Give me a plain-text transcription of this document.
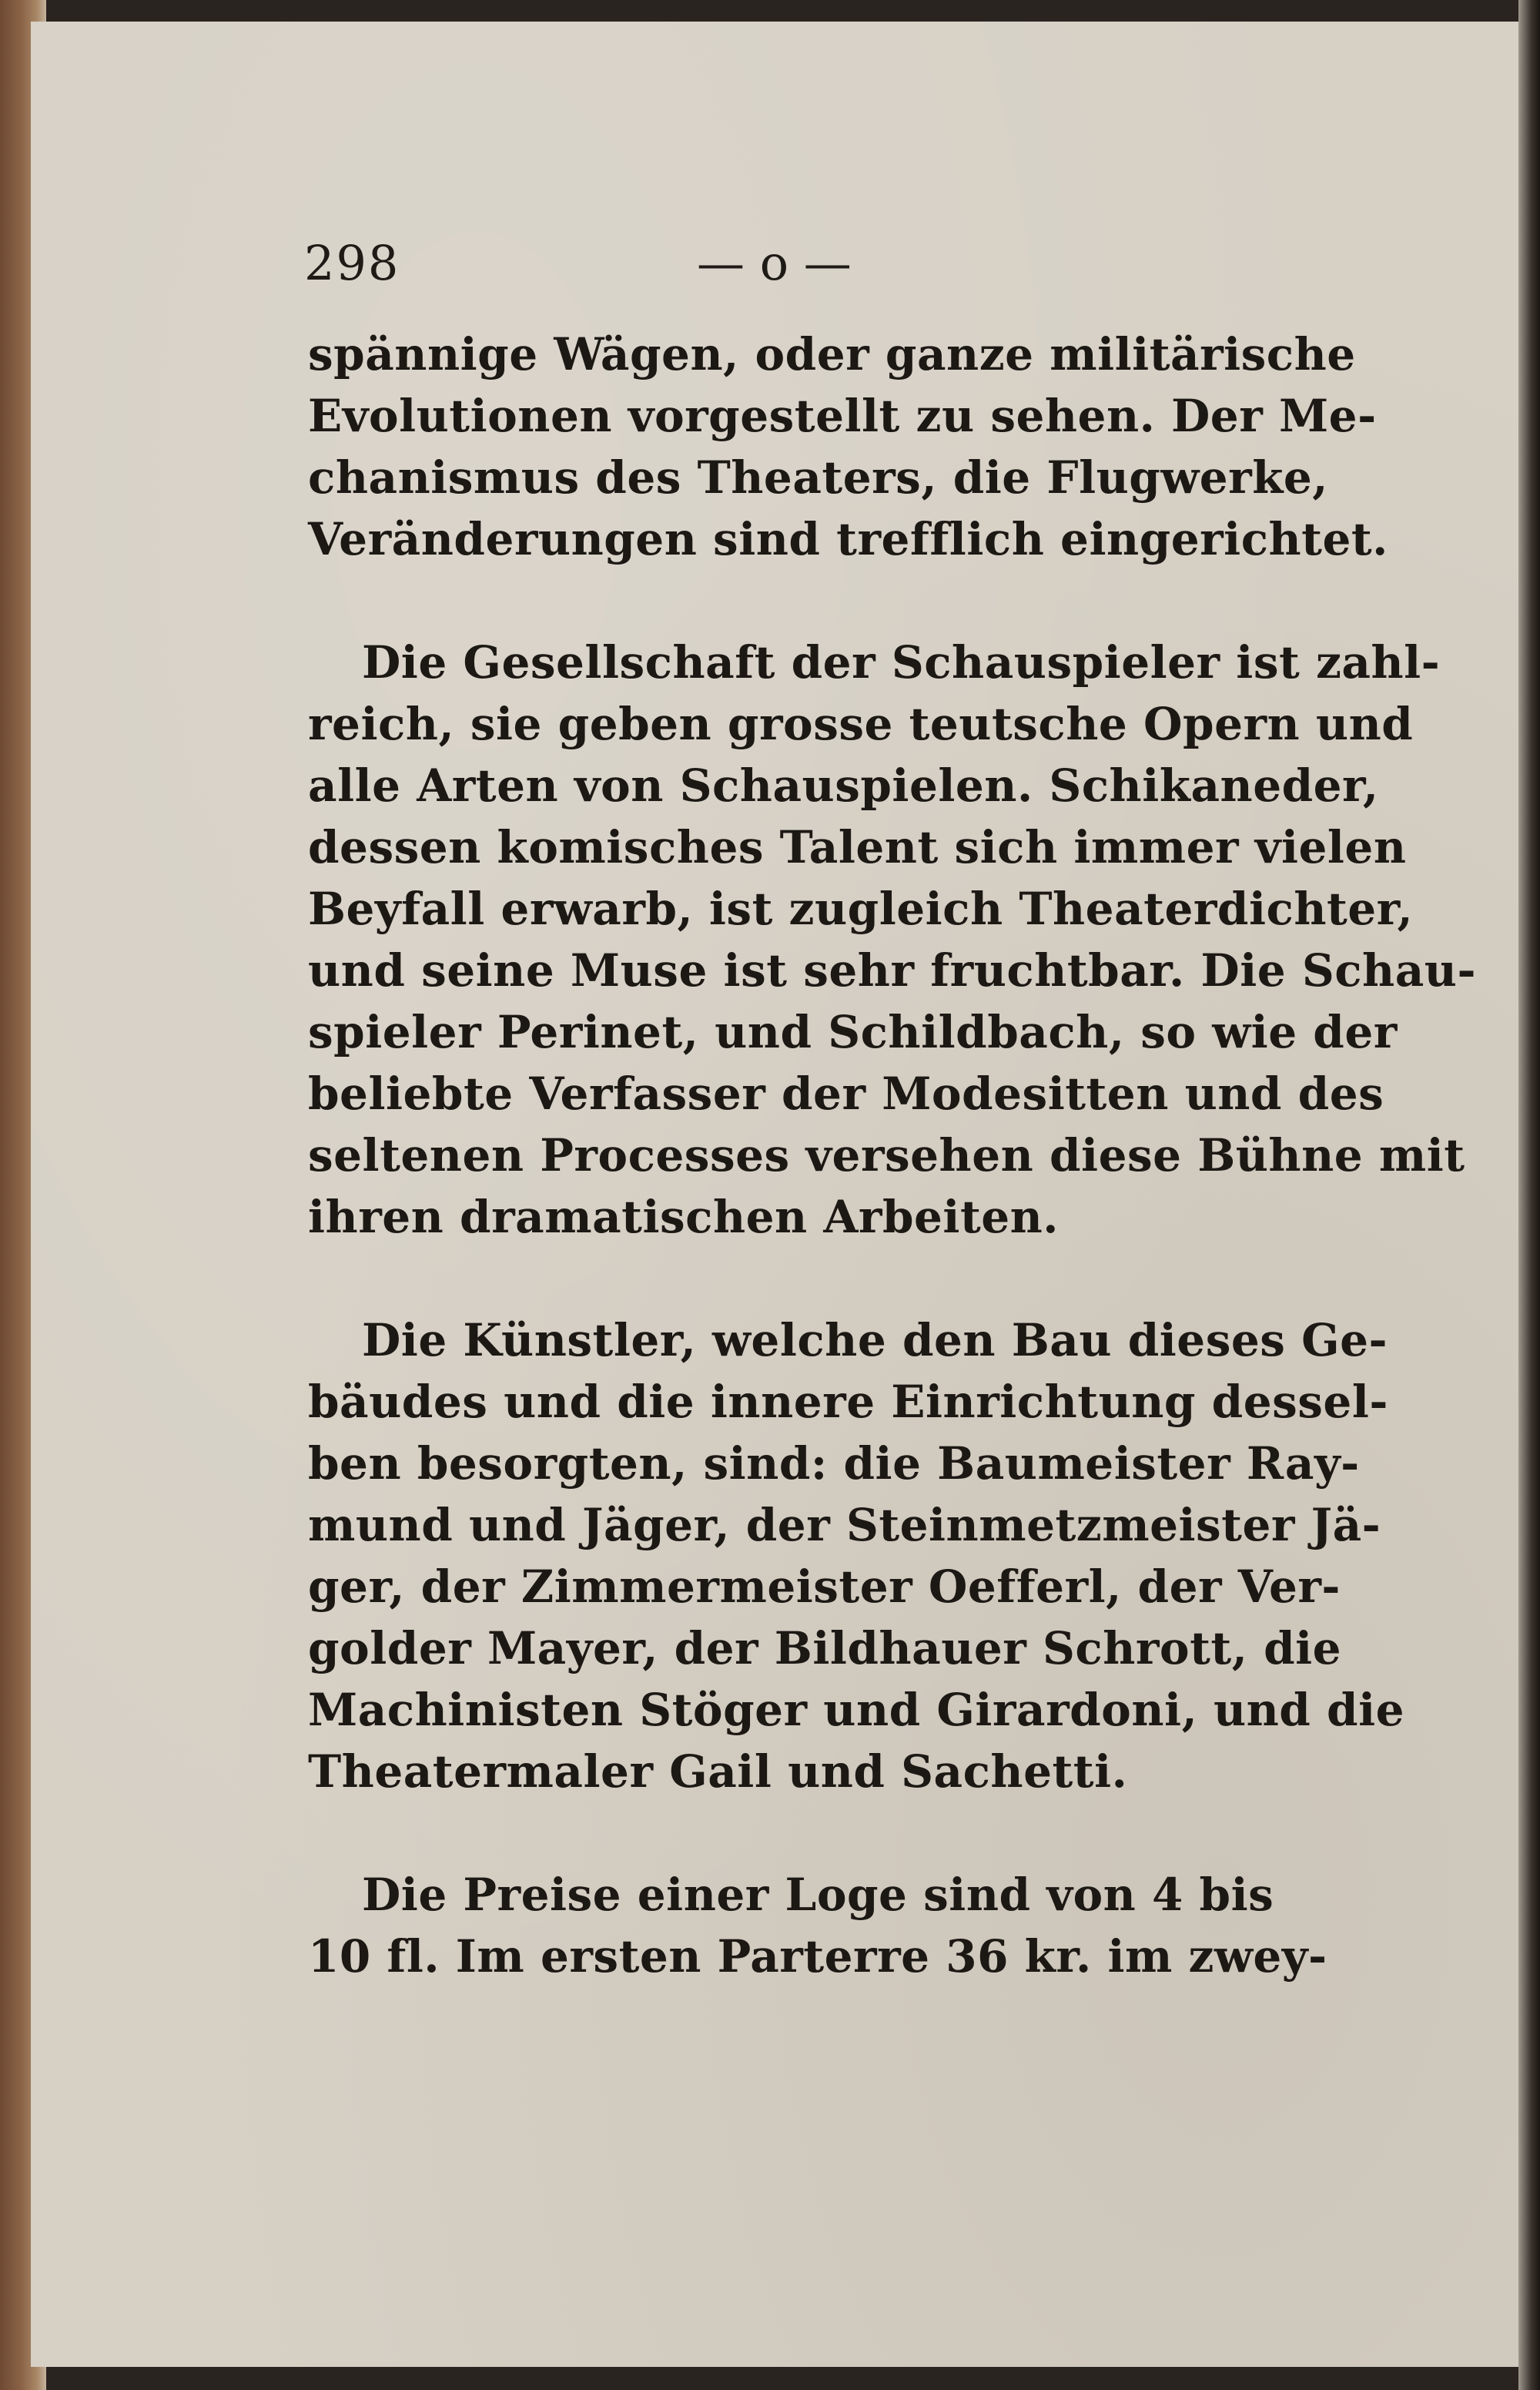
298	— o —
spännige Wägen, oder ganze militärische
Evolutionen vorgestellt zu sehen. Der Me-
chanismus des Theaters, die Flugwerke,
Veränderungen sind trefflich eingerichtet.
Die Gesellschaft der Schauspieler ist zahl-
reich, sie geben grosse teutsche Opern und
alle Arten von Schauspielen. Schikaneder,
dessen komisches Talent sich immer vielen
Beyfall erwarb, ist zugleich Theaterdichter,
und seine Muse ist sehr fruchtbar. Die Schau-
spieler Perinet, und Schildbach, so wie der
beliebte Verfasser der Modesitten und des
seltenen Processes versehen diese Bühne mit
ihren dramatischen Arbeiten.
Die Künstler, welche den Bau dieses Ge-
bäudes und die innere Einrichtung dessel-
ben besorgten, sind: die Baumeister Ray-
mund und Jäger, der Steinmetzmeister Jä-
ger, der Zimmermeister Oefferl, der Ver-
golder Mayer, der Bildhauer Schrott, die
Machinisten Stöger und Girardoni, und die
Theatermaler Gail und Sachetti.
Die Preise einer Loge sind von 4 bis
10 fl. Im ersten Parterre 36 kr. im zwey-
